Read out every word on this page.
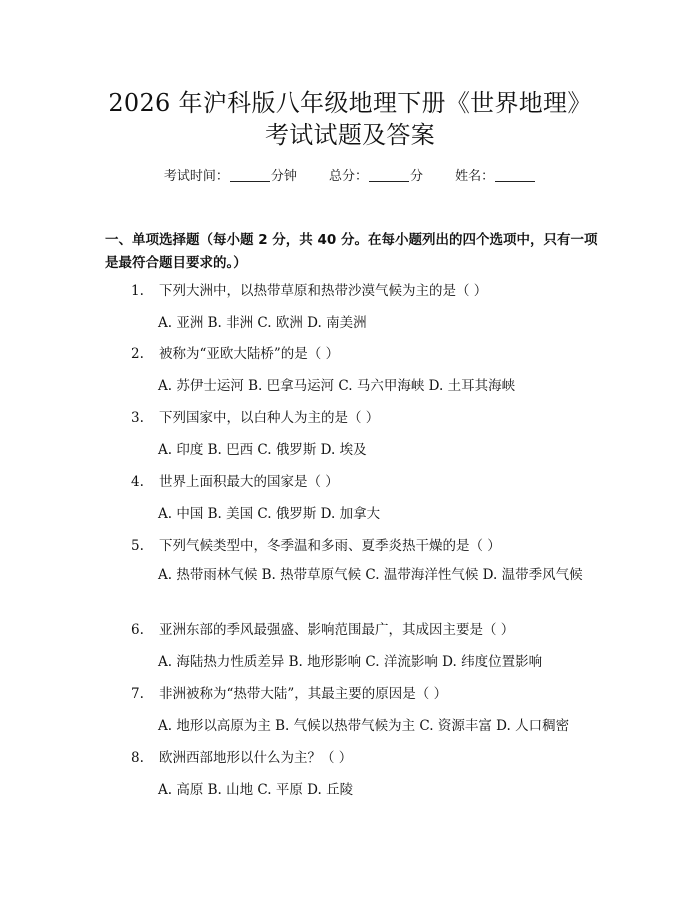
2026 年沪科版八年级地理下册《世界地理》
考试试题及答案
考试时间：	分钟 总分：	分 姓名：
一、单项选择题（每小题 2 分，共 40 分。在每小题列出的四个选项中，只有一项是最符合题目要求的。）
1. 下列大洲中，以热带草原和热带沙漠气候为主的是（ ）
A. 亚洲 B. 非洲 C. 欧洲 D. 南美洲
2. 被称为“亚欧大陆桥”的是（ ）
A. 苏伊士运河 B. 巴拿马运河 C. 马六甲海峡 D. 土耳其海峡
3. 下列国家中，以白种人为主的是（ ）
A. 印度 B. 巴西 C. 俄罗斯 D. 埃及
4. 世界上面积最大的国家是（ ）
A. 中国 B. 美国 C. 俄罗斯 D. 加拿大
5. 下列气候类型中，冬季温和多雨、夏季炎热干燥的是（ ）
A. 热带雨林气候 B. 热带草原气候 C. 温带海洋性气候 D. 温带季风气候
6. 亚洲东部的季风最强盛、影响范围最广，其成因主要是（ ）
A. 海陆热力性质差异 B. 地形影响 C. 洋流影响 D. 纬度位置影响
7. 非洲被称为“热带大陆”，其最主要的原因是（ ）
A. 地形以高原为主 B. 气候以热带气候为主 C. 资源丰富 D. 人口稠密
8. 欧洲西部地形以什么为主？（ ）
A. 高原 B. 山地 C. 平原 D. 丘陵
